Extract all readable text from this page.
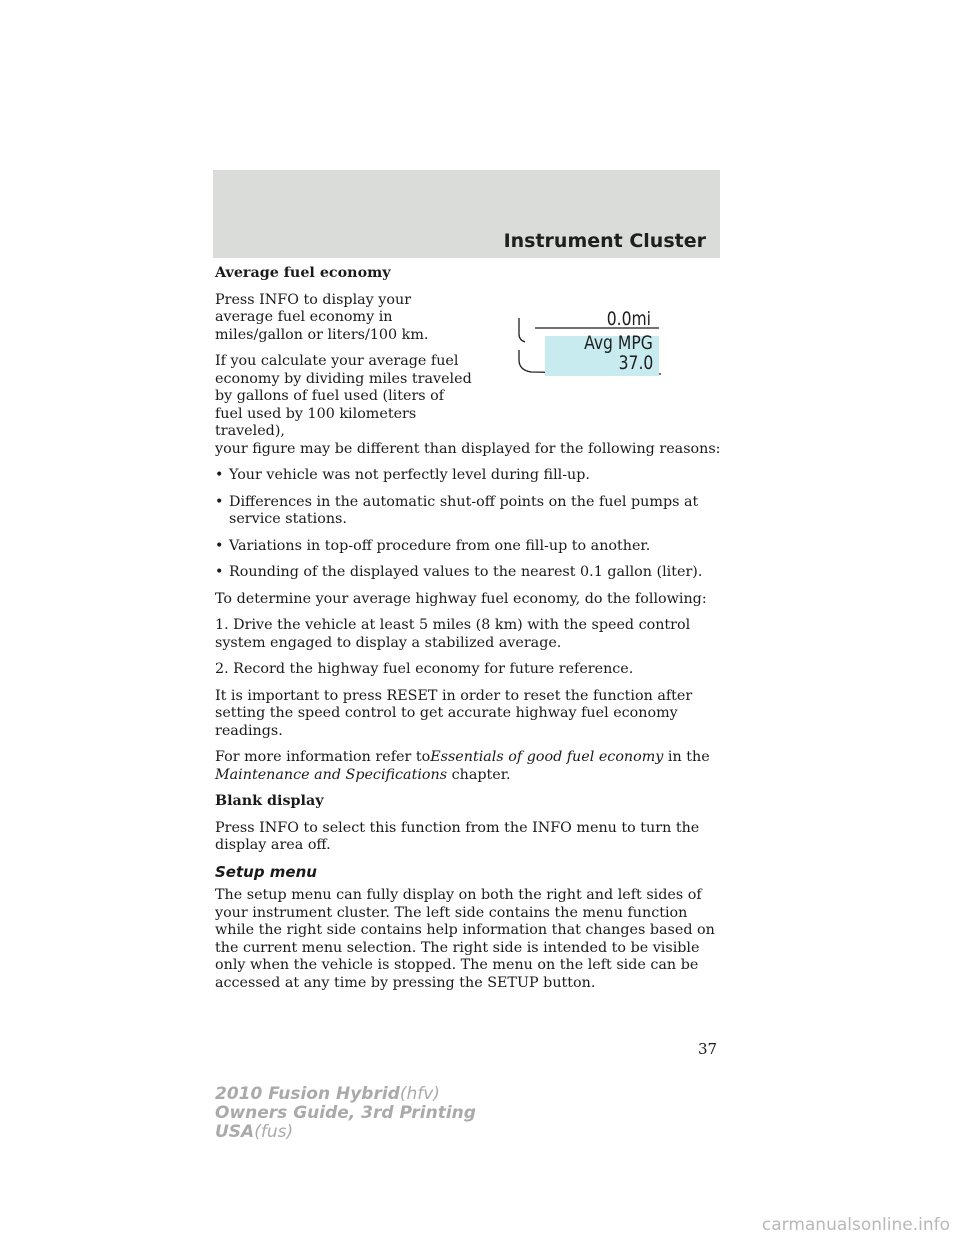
Instrument Cluster
0.0mi
Avg MPG
37.0
Average fuel economy

Press INFO to display your average fuel economy in miles/gallon or liters/100 km.

If you calculate your average fuel economy by dividing miles traveled by gallons of fuel used (liters of fuel used by 100 kilometers traveled),
your figure may be different than displayed for the following reasons:

• Your vehicle was not perfectly level during fill-up.
• Differences in the automatic shut-off points on the fuel pumps at service stations.
• Variations in top-off procedure from one fill-up to another.
• Rounding of the displayed values to the nearest 0.1 gallon (liter).

To determine your average highway fuel economy, do the following:

1. Drive the vehicle at least 5 miles (8 km) with the speed control system engaged to display a stabilized average.

2. Record the highway fuel economy for future reference.

It is important to press RESET in order to reset the function after setting the speed control to get accurate highway fuel economy readings.

For more information refer toEssentials of good fuel economy in the Maintenance and Specifications chapter.

Blank display

Press INFO to select this function from the INFO menu to turn the display area off.

Setup menu

The setup menu can fully display on both the right and left sides of your instrument cluster. The left side contains the menu function while the right side contains help information that changes based on the current menu selection. The right side is intended to be visible only when the vehicle is stopped. The menu on the left side can be accessed at any time by pressing the SETUP button.

37
2010 Fusion Hybrid(hfv)
Owners Guide, 3rd Printing
USA(fus)
carmanualsonline.info
